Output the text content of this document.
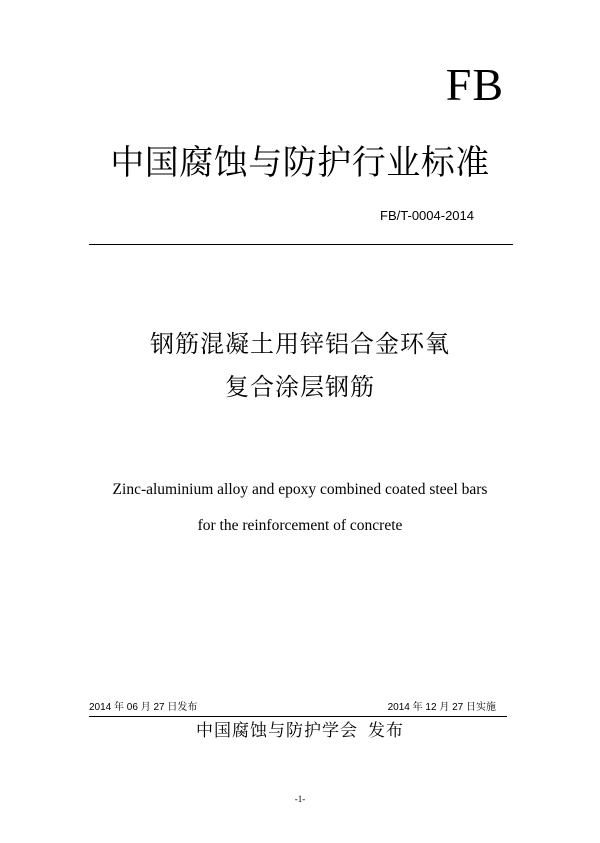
FB
中国腐蚀与防护行业标准
FB/T-0004-2014
钢筋混凝土用锌铝合金环氧
复合涂层钢筋
Zinc-aluminium alloy and epoxy combined coated steel bars
for the reinforcement of concrete
2014 年 06 月 27 日发布	2014 年 12 月 27 日实施
中国腐蚀与防护学会 发布
-1-
